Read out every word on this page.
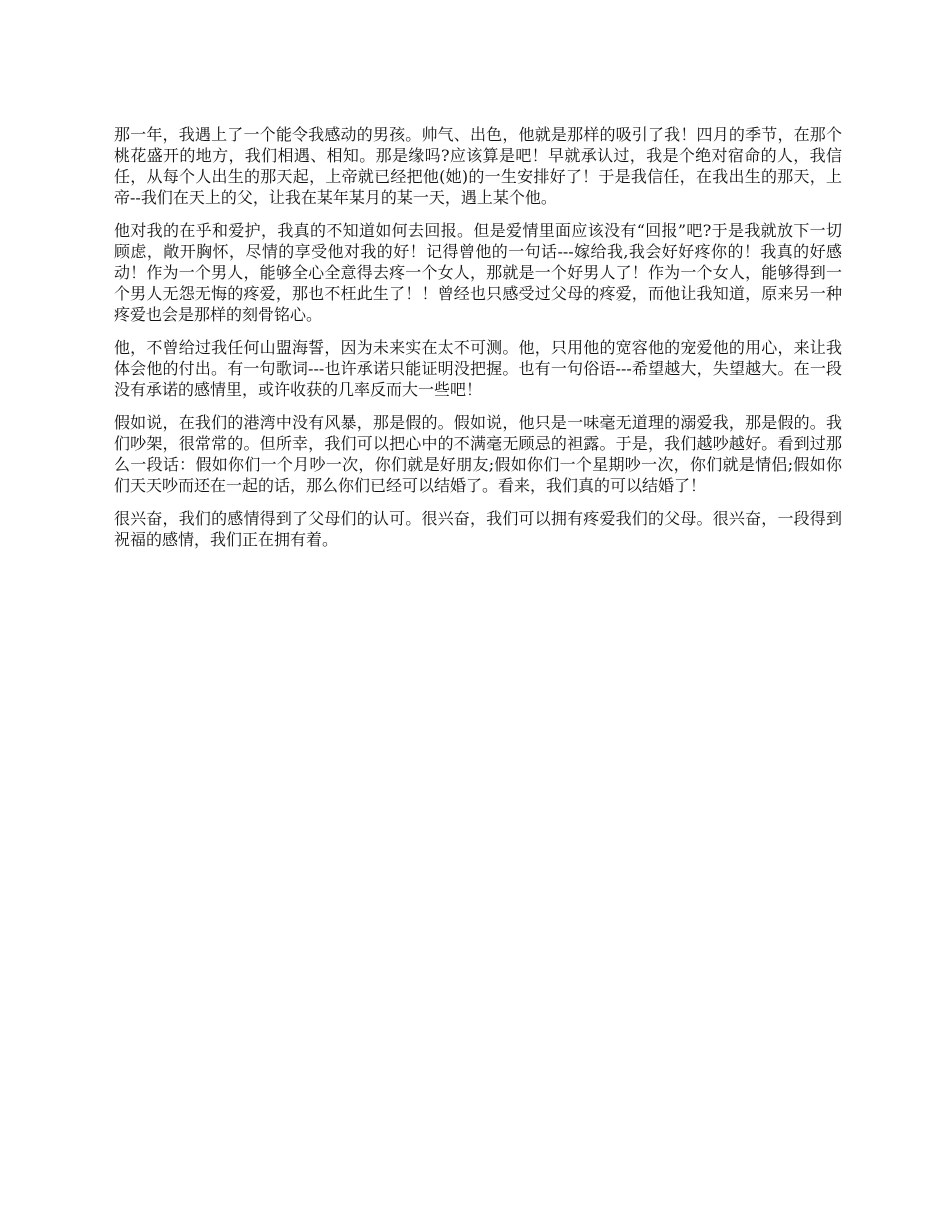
那一年，我遇上了一个能令我感动的男孩。帅气、出色，他就是那样的吸引了我！四月的季节，在那个桃花盛开的地方，我们相遇、相知。那是缘吗?应该算是吧！早就承认过，我是个绝对宿命的人，我信任，从每个人出生的那天起，上帝就已经把他(她)的一生安排好了！于是我信任，在我出生的那天，上帝--我们在天上的父，让我在某年某月的某一天，遇上某个他。

他对我的在乎和爱护，我真的不知道如何去回报。但是爱情里面应该没有“回报”吧?于是我就放下一切顾虑，敞开胸怀，尽情的享受他对我的好！记得曾他的一句话---嫁给我,我会好好疼你的！我真的好感动！作为一个男人，能够全心全意得去疼一个女人，那就是一个好男人了！作为一个女人，能够得到一个男人无怨无悔的疼爱，那也不枉此生了！！曾经也只感受过父母的疼爱，而他让我知道，原来另一种疼爱也会是那样的刻骨铭心。

他，不曾给过我任何山盟海誓，因为未来实在太不可测。他，只用他的宽容他的宠爱他的用心，来让我体会他的付出。有一句歌词---也许承诺只能证明没把握。也有一句俗语---希望越大，失望越大。在一段没有承诺的感情里，或许收获的几率反而大一些吧！

假如说，在我们的港湾中没有风暴，那是假的。假如说，他只是一味毫无道理的溺爱我，那是假的。我们吵架，很常常的。但所幸，我们可以把心中的不满毫无顾忌的袒露。于是，我们越吵越好。看到过那么一段话：假如你们一个月吵一次，你们就是好朋友;假如你们一个星期吵一次，你们就是情侣;假如你们天天吵而还在一起的话，那么你们已经可以结婚了。看来，我们真的可以结婚了！

很兴奋，我们的感情得到了父母们的认可。很兴奋，我们可以拥有疼爱我们的父母。很兴奋，一段得到祝福的感情，我们正在拥有着。
